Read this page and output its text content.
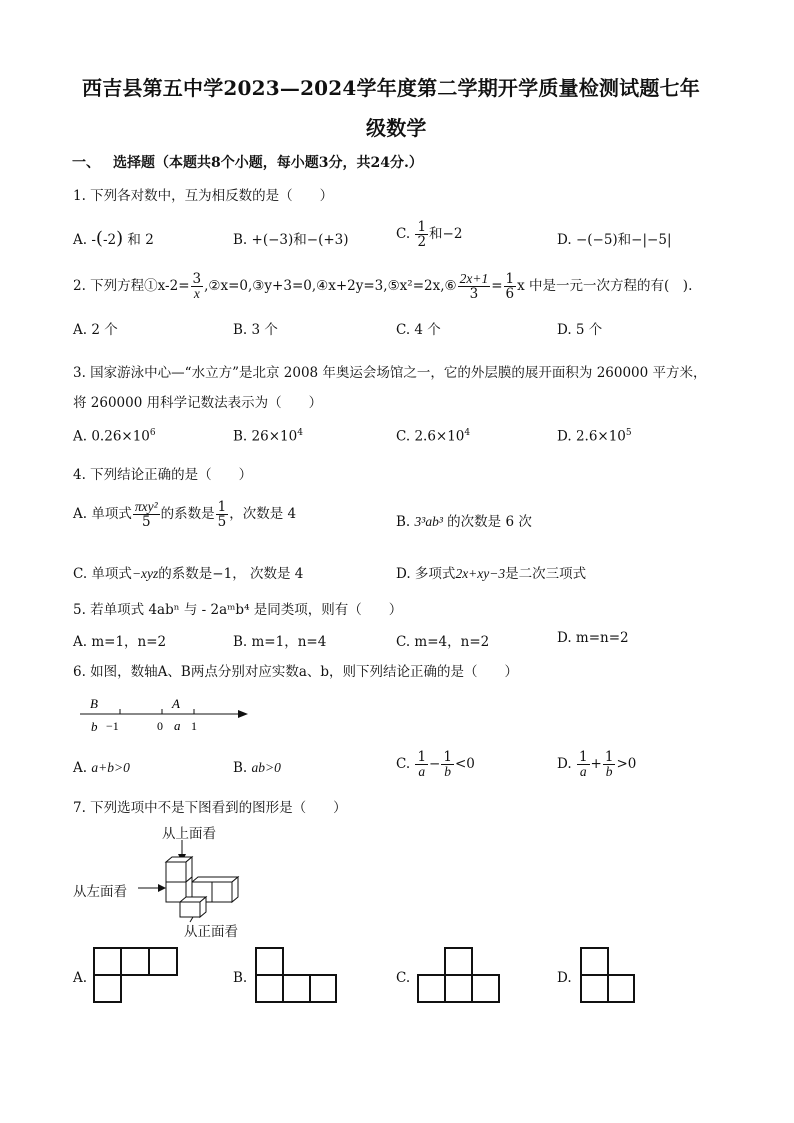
西吉县第五中学2023—2024学年度第二学期开学质量检测试题七年
级数学
一、 选择题（本题共8个小题，每小题3分，共24分.）
1. 下列各对数中，互为相反数的是（　　）
A. -(-2) 和 2	B. +(−3)和−(+3)	C. $\frac{1}{2}$ 和−2	D. −(−5)和−|−5|
2. 下列方程①x-2= $\frac{3}{x}$ ,②x=0,③y+3=0,④x+2y=3,⑤x²=2x,⑥ $\frac{2x+1}{3} = \frac{1}{6}$ x 中是一元一次方程的有(　).
A. 2 个	B. 3 个	C. 4 个	D. 5 个
3. 国家游泳中心—“水立方”是北京 2008 年奥运会场馆之一，它的外层膜的展开面积为 260000 平方米，
将 260000 用科学记数法表示为（　　）
A. $0.26\times 10^6$	B. $26\times 10^4$	C. $2.6\times 10^4$	D. $2.6\times 10^5$
4. 下列结论正确的是（　　）
A. 单项式 $\frac{\text{πxy²}}{5}$ 的系数是 $\frac{1}{5}$ ，次数是 4	B. 3³ab³ 的次数是 6 次
C. 单项式−xyz的系数是−1， 次数是 4	D. 多项式2x+xy−3是二次三项式
5. 若单项式 4abⁿ 与 - 2aᵐb⁴ 是同类项，则有（　　）
A. m=1，n=2	B. m=1，n=4	C. m=4，n=2	D. m=n=2
6. 如图，数轴A、B两点分别对应实数a、b，则下列结论正确的是（　　）
B	A
b −1	0 a 1
A. a+b>0	B. ab>0	C. $\frac{1}{a} - \frac{1}{b} <0$	D. $\frac{1}{a} + \frac{1}{b} >0$
7. 下列选项中不是下图看到的图形是（　　）
从上面看
从左面看
从正面看
A.	B.	C.	D.
